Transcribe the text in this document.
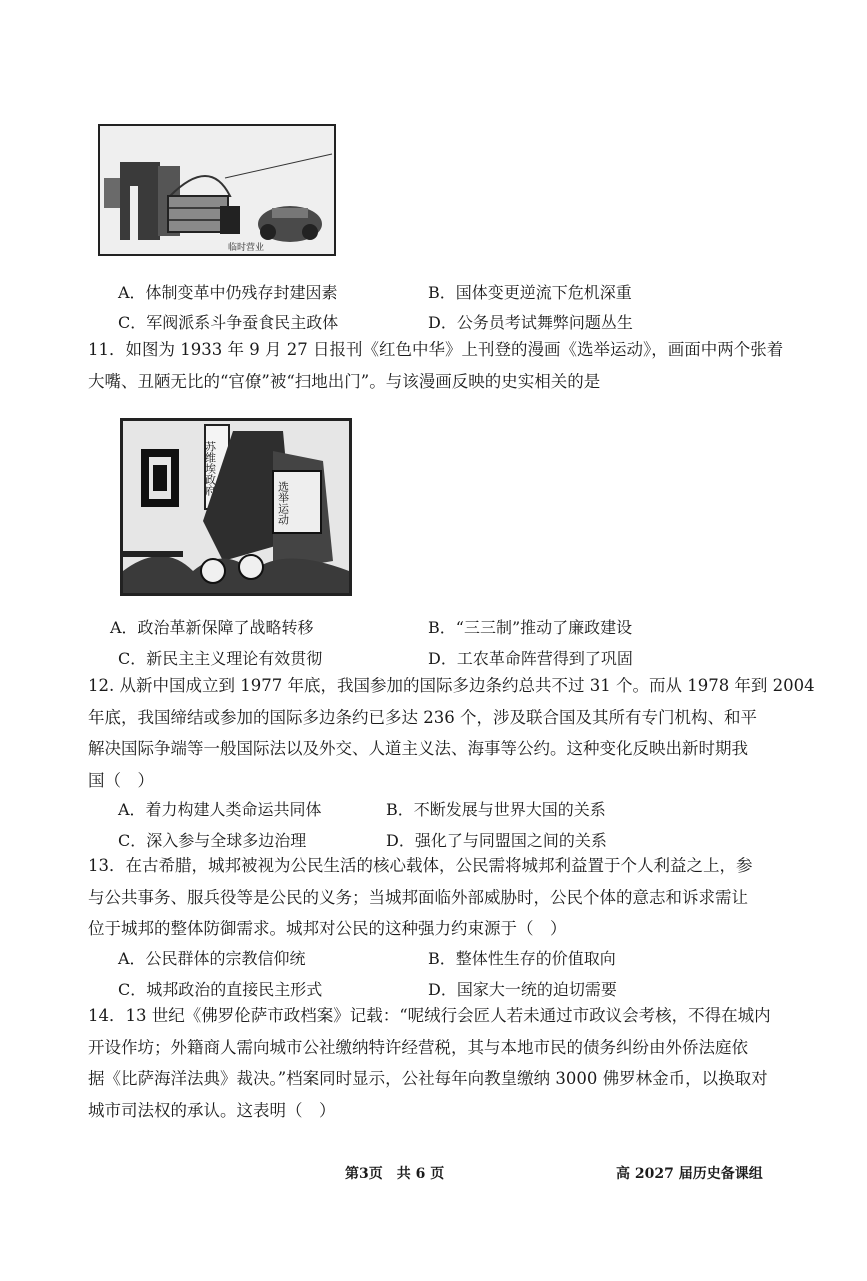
临时营业
A．体制变革中仍残存封建因素	B．国体变更逆流下危机深重
C．军阀派系斗争蚕食民主政体	D．公务员考试舞弊问题丛生
11．如图为 1933 年 9 月 27 日报刊《红色中华》上刊登的漫画《选举运动》，画面中两个张着
大嘴、丑陋无比的“官僚”被“扫地出门”。与该漫画反映的史实相关的是
苏维埃政府
选举运动
A．政治革新保障了战略转移	B．“三三制”推动了廉政建设
C．新民主主义理论有效贯彻	D．工农革命阵营得到了巩固
12. 从新中国成立到 1977 年底，我国参加的国际多边条约总共不过 31 个。而从 1978 年到 2004
年底，我国缔结或参加的国际多边条约已多达 236 个，涉及联合国及其所有专门机构、和平
解决国际争端等一般国际法以及外交、人道主义法、海事等公约。这种变化反映出新时期我
国（　）
A．着力构建人类命运共同体	B．不断发展与世界大国的关系
C．深入参与全球多边治理	D．强化了与同盟国之间的关系
13．在古希腊，城邦被视为公民生活的核心载体，公民需将城邦利益置于个人利益之上，参
与公共事务、服兵役等是公民的义务；当城邦面临外部威胁时，公民个体的意志和诉求需让
位于城邦的整体防御需求。城邦对公民的这种强力约束源于（　）
A．公民群体的宗教信仰统	B．整体性生存的价值取向
C．城邦政治的直接民主形式	D．国家大一统的迫切需要
14．13 世纪《佛罗伦萨市政档案》记载：“呢绒行会匠人若未通过市政议会考核，不得在城内
开设作坊；外籍商人需向城市公社缴纳特许经营税，其与本地市民的债务纠纷由外侨法庭依
据《比萨海洋法典》裁决。”档案同时显示，公社每年向教皇缴纳 3000 佛罗林金币，以换取对
城市司法权的承认。这表明（　）
第3页　共 6 页	高 2027 届历史备课组
